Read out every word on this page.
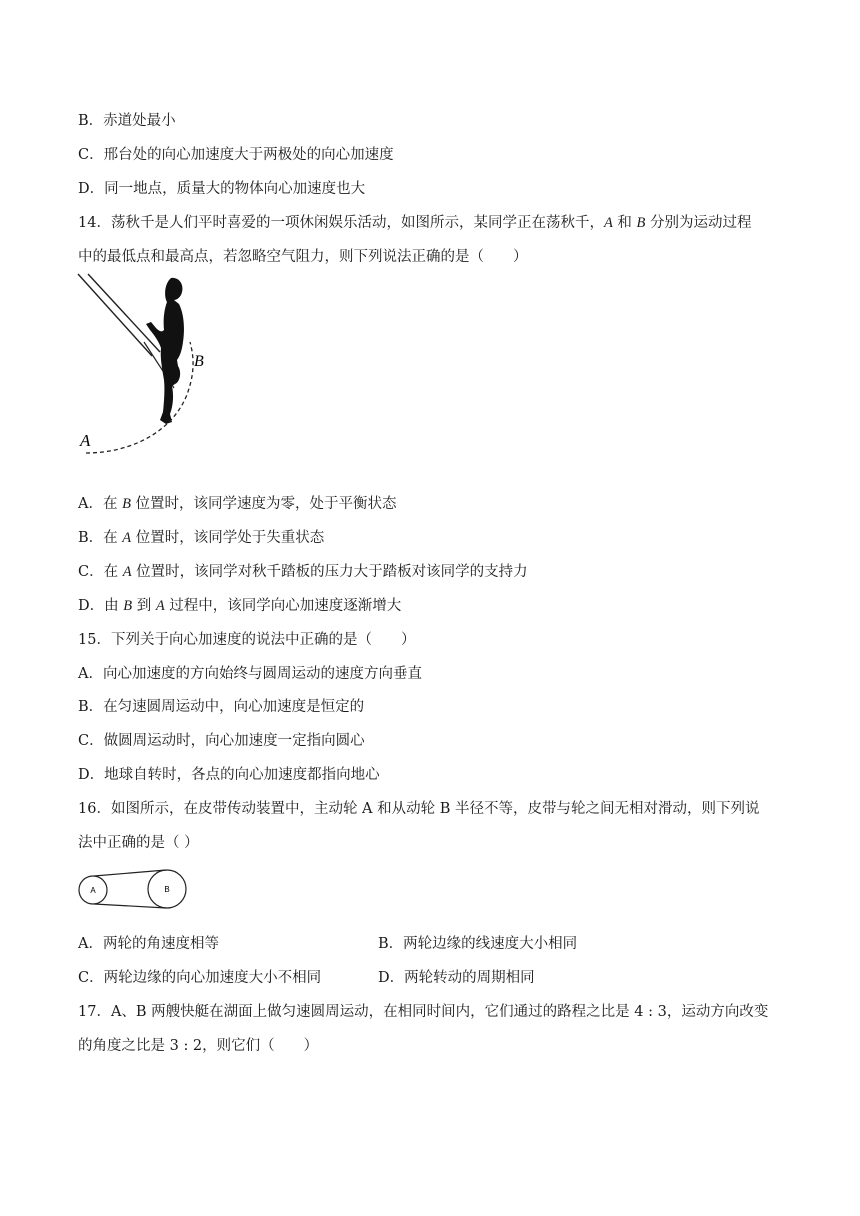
B．赤道处最小
C．邢台处的向心加速度大于两极处的向心加速度
D．同一地点，质量大的物体向心加速度也大
14．荡秋千是人们平时喜爱的一项休闲娱乐活动，如图所示，某同学正在荡秋千，A 和 B 分别为运动过程
中的最低点和最高点，若忽略空气阻力，则下列说法正确的是（　　）
B
A
A．在 B 位置时，该同学速度为零，处于平衡状态
B．在 A 位置时，该同学处于失重状态
C．在 A 位置时，该同学对秋千踏板的压力大于踏板对该同学的支持力
D．由 B 到 A 过程中，该同学向心加速度逐渐增大
15．下列关于向心加速度的说法中正确的是（　　）
A．向心加速度的方向始终与圆周运动的速度方向垂直
B．在匀速圆周运动中，向心加速度是恒定的
C．做圆周运动时，向心加速度一定指向圆心
D．地球自转时，各点的向心加速度都指向地心
16．如图所示，在皮带传动装置中，主动轮 A 和从动轮 B 半径不等，皮带与轮之间无相对滑动，则下列说
法中正确的是（ ）
A	B
A．两轮的角速度相等	B．两轮边缘的线速度大小相同
C．两轮边缘的向心加速度大小不相同	D．两轮转动的周期相同
17．A、B 两艘快艇在湖面上做匀速圆周运动，在相同时间内，它们通过的路程之比是 4 : 3，运动方向改变
的角度之比是 3 : 2，则它们（　　）
